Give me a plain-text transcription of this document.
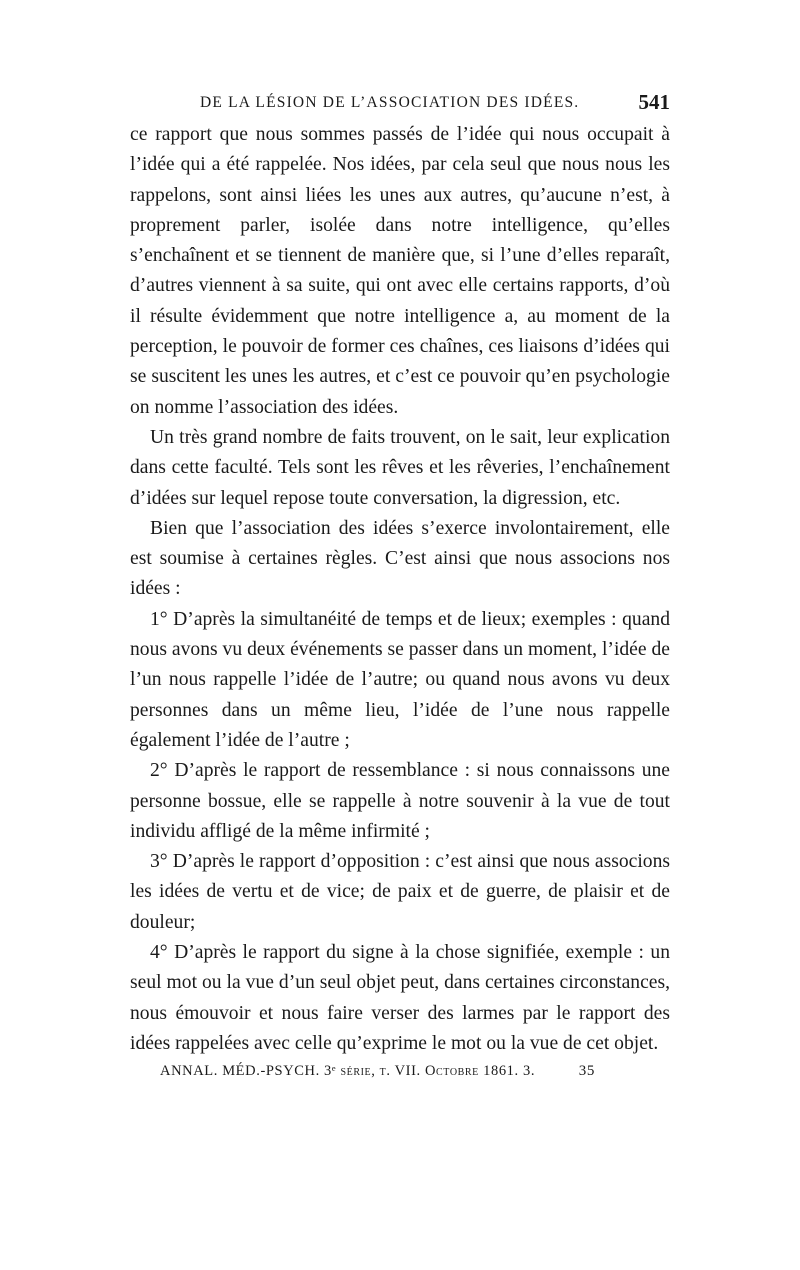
DE LA LÉSION DE L’ASSOCIATION DES IDÉES.	541

ce rapport que nous sommes passés de l’idée qui nous occupait à l’idée qui a été rappelée. Nos idées, par cela seul que nous nous les rappelons, sont ainsi liées les unes aux autres, qu’aucune n’est, à proprement parler, isolée dans notre intelligence, qu’elles s’enchaînent et se tiennent de manière que, si l’une d’elles reparaît, d’autres viennent à sa suite, qui ont avec elle certains rapports, d’où il résulte évidemment que notre intelligence a, au moment de la perception, le pouvoir de former ces chaînes, ces liaisons d’idées qui se suscitent les unes les autres, et c’est ce pouvoir qu’en psychologie on nomme l’association des idées.

Un très grand nombre de faits trouvent, on le sait, leur explication dans cette faculté. Tels sont les rêves et les rêveries, l’enchaînement d’idées sur lequel repose toute conversation, la digression, etc.

Bien que l’association des idées s’exerce involontairement, elle est soumise à certaines règles. C’est ainsi que nous associons nos idées :

1° D’après la simultanéité de temps et de lieux; exemples : quand nous avons vu deux événements se passer dans un moment, l’idée de l’un nous rappelle l’idée de l’autre; ou quand nous avons vu deux personnes dans un même lieu, l’idée de l’une nous rappelle également l’idée de l’autre ;

2° D’après le rapport de ressemblance : si nous connaissons une personne bossue, elle se rappelle à notre souvenir à la vue de tout individu affligé de la même infirmité ;

3° D’après le rapport d’opposition : c’est ainsi que nous associons les idées de vertu et de vice; de paix et de guerre, de plaisir et de douleur;

4° D’après le rapport du signe à la chose signifiée, exemple : un seul mot ou la vue d’un seul objet peut, dans certaines circonstances, nous émouvoir et nous faire verser des larmes par le rapport des idées rappelées avec celle qu’exprime le mot ou la vue de cet objet.

ANNAL. MÉD.-PSYCH. 3ᵉ série, t. VII. Octobre 1861. 3.	35
